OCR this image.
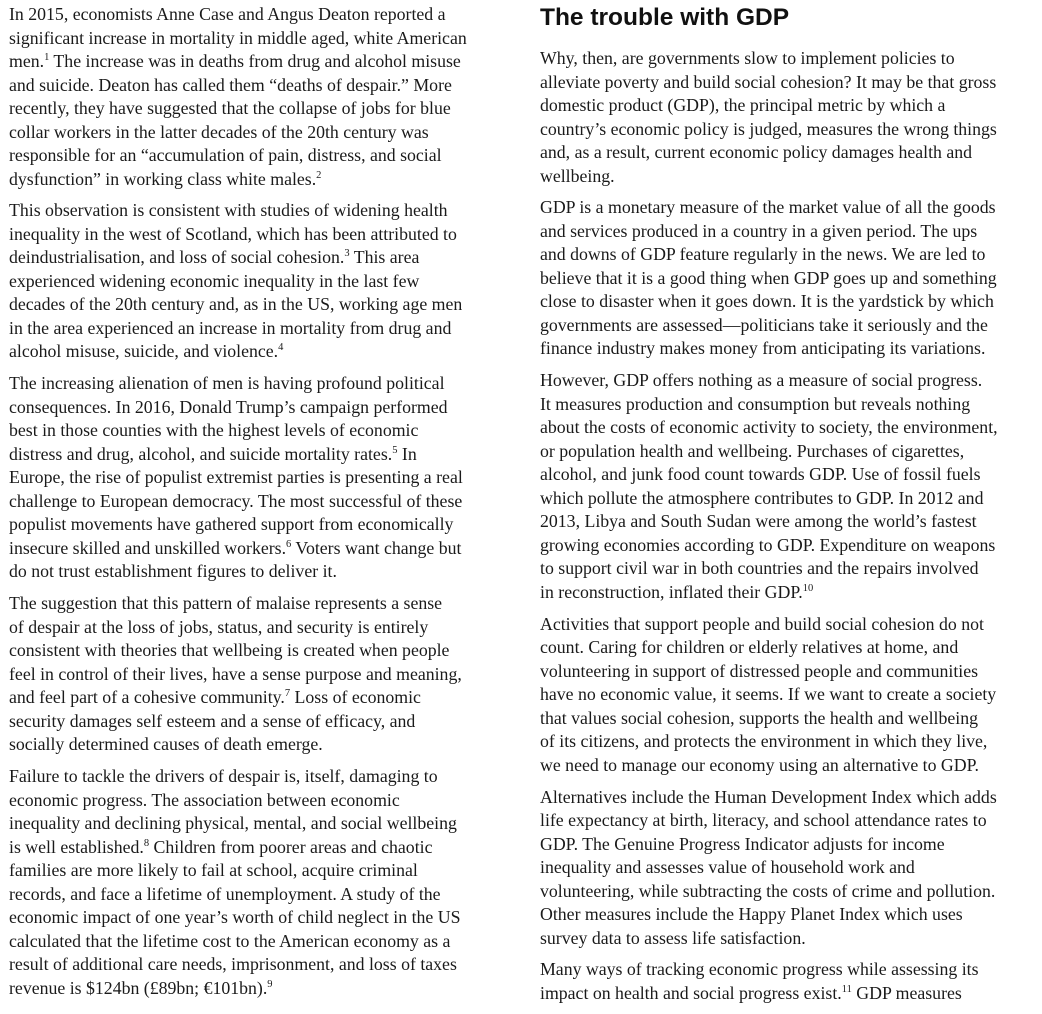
In 2015, economists Anne Case and Angus Deaton reported a
significant increase in mortality in middle aged, white American
men.$^1$ The increase was in deaths from drug and alcohol misuse
and suicide. Deaton has called them “deaths of despair.” More
recently, they have suggested that the collapse of jobs for blue
collar workers in the latter decades of the 20th century was
responsible for an “accumulation of pain, distress, and social
dysfunction” in working class white males.$^2$

This observation is consistent with studies of widening health
inequality in the west of Scotland, which has been attributed to
deindustrialisation, and loss of social cohesion.$^3$ This area
experienced widening economic inequality in the last few
decades of the 20th century and, as in the US, working age men
in the area experienced an increase in mortality from drug and
alcohol misuse, suicide, and violence.$^4$

The increasing alienation of men is having profound political
consequences. In 2016, Donald Trump’s campaign performed
best in those counties with the highest levels of economic
distress and drug, alcohol, and suicide mortality rates.$^5$ In
Europe, the rise of populist extremist parties is presenting a real
challenge to European democracy. The most successful of these
populist movements have gathered support from economically
insecure skilled and unskilled workers.$^6$ Voters want change but
do not trust establishment figures to deliver it.

The suggestion that this pattern of malaise represents a sense
of despair at the loss of jobs, status, and security is entirely
consistent with theories that wellbeing is created when people
feel in control of their lives, have a sense purpose and meaning,
and feel part of a cohesive community.$^7$ Loss of economic
security damages self esteem and a sense of efficacy, and
socially determined causes of death emerge.

Failure to tackle the drivers of despair is, itself, damaging to
economic progress. The association between economic
inequality and declining physical, mental, and social wellbeing
is well established.$^8$ Children from poorer areas and chaotic
families are more likely to fail at school, acquire criminal
records, and face a lifetime of unemployment. A study of the
economic impact of one year’s worth of child neglect in the US
calculated that the lifetime cost to the American economy as a
result of additional care needs, imprisonment, and loss of taxes
revenue is $124bn (£89bn; €101bn).$^9$

The trouble with GDP

Why, then, are governments slow to implement policies to
alleviate poverty and build social cohesion? It may be that gross
domestic product (GDP), the principal metric by which a
country’s economic policy is judged, measures the wrong things
and, as a result, current economic policy damages health and
wellbeing.

GDP is a monetary measure of the market value of all the goods
and services produced in a country in a given period. The ups
and downs of GDP feature regularly in the news. We are led to
believe that it is a good thing when GDP goes up and something
close to disaster when it goes down. It is the yardstick by which
governments are assessed—politicians take it seriously and the
finance industry makes money from anticipating its variations.

However, GDP offers nothing as a measure of social progress.
It measures production and consumption but reveals nothing
about the costs of economic activity to society, the environment,
or population health and wellbeing. Purchases of cigarettes,
alcohol, and junk food count towards GDP. Use of fossil fuels
which pollute the atmosphere contributes to GDP. In 2012 and
2013, Libya and South Sudan were among the world’s fastest
growing economies according to GDP. Expenditure on weapons
to support civil war in both countries and the repairs involved
in reconstruction, inflated their GDP.$^{10}$

Activities that support people and build social cohesion do not
count. Caring for children or elderly relatives at home, and
volunteering in support of distressed people and communities
have no economic value, it seems. If we want to create a society
that values social cohesion, supports the health and wellbeing
of its citizens, and protects the environment in which they live,
we need to manage our economy using an alternative to GDP.

Alternatives include the Human Development Index which adds
life expectancy at birth, literacy, and school attendance rates to
GDP. The Genuine Progress Indicator adjusts for income
inequality and assesses value of household work and
volunteering, while subtracting the costs of crime and pollution.
Other measures include the Happy Planet Index which uses
survey data to assess life satisfaction.

Many ways of tracking economic progress while assessing its
impact on health and social progress exist.$^{11}$ GDP measures
